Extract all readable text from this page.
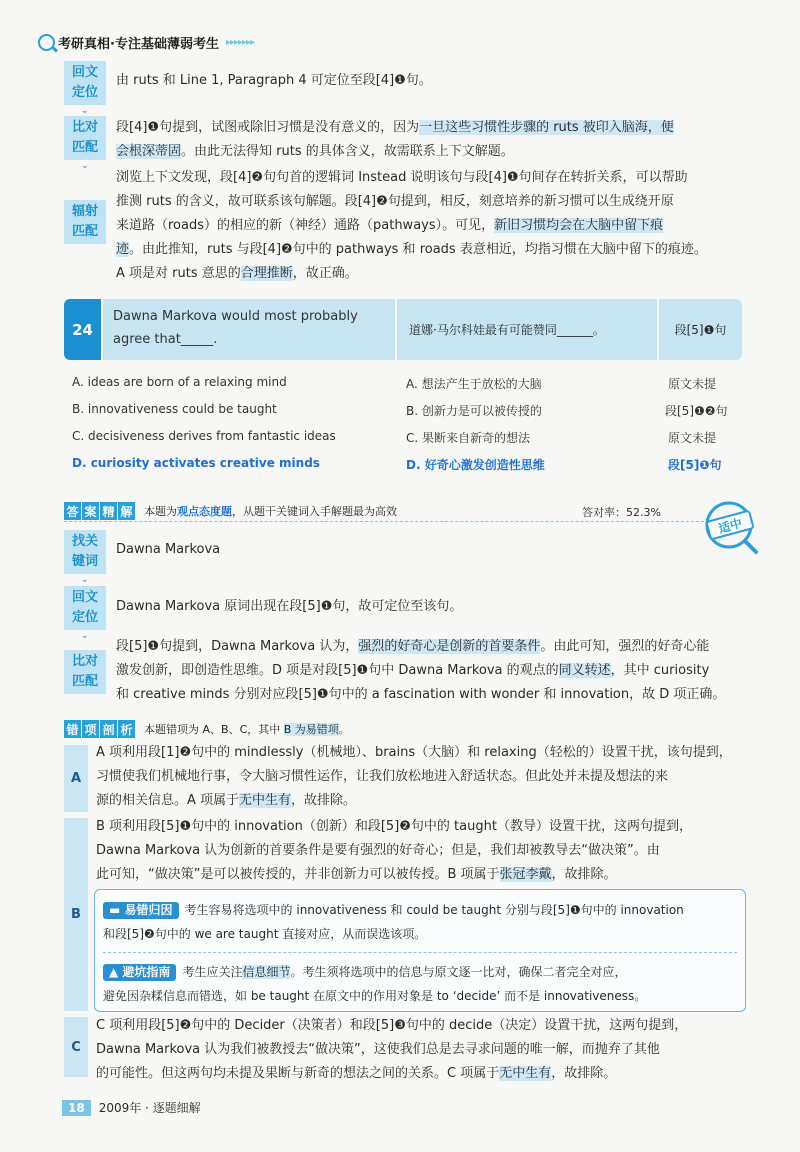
考研真相·专注基础薄弱考生 ▸▸▸▸▸▸▸
回文
定位
⌄
由 ruts 和 Line 1, Paragraph 4 可定位至段[4]❶句。
比对
匹配
⌄
段[4]❶句提到，试图戒除旧习惯是没有意义的，因为一旦这些习惯性步骤的 ruts 被印入脑海，便
会根深蒂固。由此无法得知 ruts 的具体含义，故需联系上下文解题。
辐射
匹配
浏览上下文发现，段[4]❷句句首的逻辑词 Instead 说明该句与段[4]❶句间存在转折关系，可以帮助
推测 ruts 的含义，故可联系该句解题。段[4]❷句提到，相反，刻意培养的新习惯可以生成绕开原
来道路（roads）的相应的新（神经）通路（pathways）。可见，新旧习惯均会在大脑中留下痕
迹。由此推知，ruts 与段[4]❷句中的 pathways 和 roads 表意相近，均指习惯在大脑中留下的痕迹。
A 项是对 ruts 意思的合理推断，故正确。
24
Dawna Markova would most probably agree that_____.
道娜·马尔科娃最有可能赞同______。	段[5]❶句
A. ideas are born of a relaxing mind	A. 想法产生于放松的大脑	原文未提
B. innovativeness could be taught	B. 创新力是可以被传授的	段[5]❶❷句
C. decisiveness derives from fantastic ideas	C. 果断来自新奇的想法	原文未提
D. curiosity activates creative minds	D. 好奇心激发创造性思维	段[5]❶句
答 案 精 解 本题为观点态度题，从题干关键词入手解题最为高效	答对率：52.3%
适中
找关
键词
⌄
Dawna Markova
回文
定位
⌄
Dawna Markova 原词出现在段[5]❶句，故可定位至该句。
比对
匹配
段[5]❶句提到，Dawna Markova 认为，强烈的好奇心是创新的首要条件。由此可知，强烈的好奇心能
激发创新，即创造性思维。D 项是对段[5]❶句中 Dawna Markova 的观点的同义转述，其中 curiosity
和 creative minds 分别对应段[5]❶句中的 a fascination with wonder 和 innovation，故 D 项正确。
错 项 剖 析 本题错项为 A、B、C，其中 B 为易错项。
A
A 项利用段[1]❷句中的 mindlessly（机械地）、brains（大脑）和 relaxing（轻松的）设置干扰，该句提到，
习惯使我们机械地行事，令大脑习惯性运作，让我们放松地进入舒适状态。但此处并未提及想法的来
源的相关信息。A 项属于无中生有，故排除。
B
B 项利用段[5]❶句中的 innovation（创新）和段[5]❷句中的 taught（教导）设置干扰，这两句提到，
Dawna Markova 认为创新的首要条件是要有强烈的好奇心；但是，我们却被教导去“做决策”。由
此可知，“做决策”是可以被传授的，并非创新力可以被传授。B 项属于张冠李戴，故排除。
▬ 易错归因 考生容易将选项中的 innovativeness 和 could be taught 分别与段[5]❶句中的 innovation
和段[5]❷句中的 we are taught 直接对应，从而误选该项。
▲ 避坑指南 考生应关注信息细节。考生须将选项中的信息与原文逐一比对，确保二者完全对应，
避免因杂糅信息而错选，如 be taught 在原文中的作用对象是 to ‘decide’ 而不是 innovativeness。
C
C 项利用段[5]❷句中的 Decider（决策者）和段[5]❸句中的 decide（决定）设置干扰，这两句提到，
Dawna Markova 认为我们被教授去“做决策”，这使我们总是去寻求问题的唯一解，而抛弃了其他
的可能性。但这两句均未提及果断与新奇的想法之间的关系。C 项属于无中生有，故排除。
18	2009年 · 逐题细解
